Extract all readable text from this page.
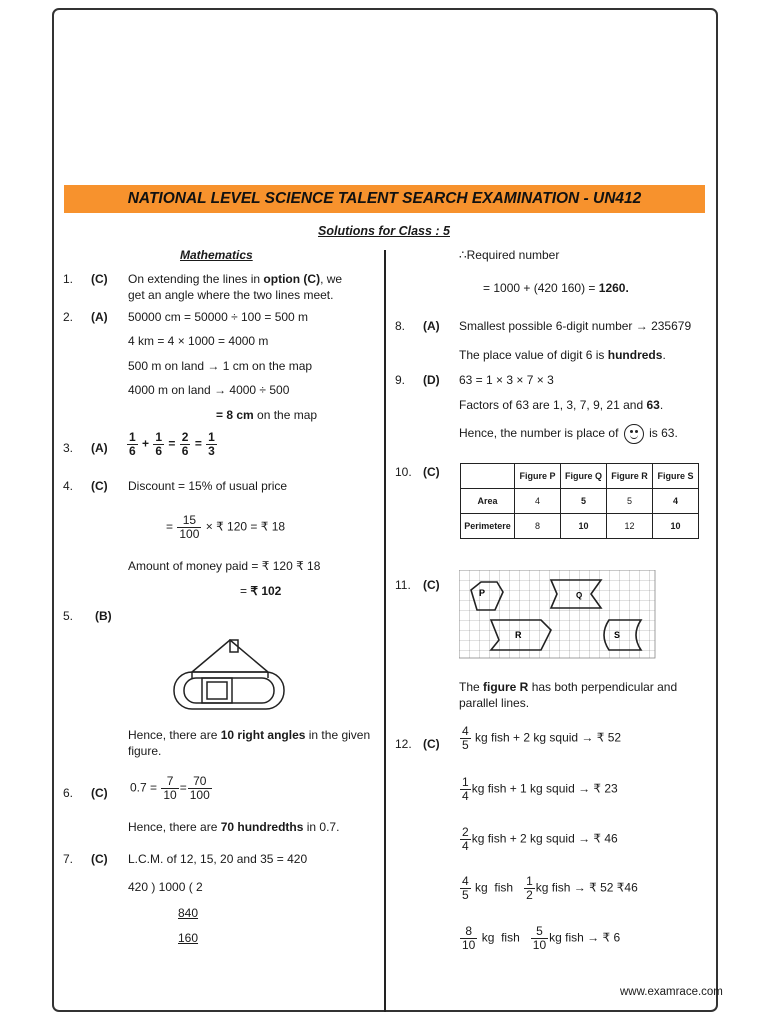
NATIONAL LEVEL SCIENCE TALENT SEARCH EXAMINATION - UN412
Solutions for Class : 5
Mathematics
1. (C) On extending the lines in option (C), we
get an angle where the two lines meet.
2. (A) 50000 cm = 50000 ÷ 100 = 500 m
4 km = 4 × 1000 = 4000 m
500 m on land → 1 cm on the map
4000 m on land → 4000 ÷ 500
= 8 cm on the map
3. $(A) \frac{1}{6} + \frac{1}{6} = \frac{2}{6} = \frac{1}{3}$
4. (C) Discount = 15% of usual price
= $\frac{15}{100}$ × ₹ 120 = ₹ 18
Amount of money paid = ₹ 120 ₹ 18
= ₹ 102
5. (B)
Hence, there are 10 right angles in the given
figure.
6. (C) $0.7 = \frac{7}{10} = \frac{70}{100}$
Hence, there are 70 hundredths in 0.7.
7. (C) L.C.M. of 12, 15, 20 and 35 = 420
420 ) 1000 ( 2
840
160
∴Required number
= 1000 + (420 160) = 1260.
8. (A) Smallest possible 6-digit number → 235679
The place value of digit 6 is hundreds.
9. (D) 63 = 1 × 3 × 7 × 3
Factors of 63 are 1, 3, 7, 9, 21 and 63.
Hence, the number is place of
is 63.
10. (C)
		Figure P	Figure Q	Figure R	Figure S
Area	4	5	5	4
Perimetere	8	10	12	10
11. (C)
P	Q
R	S
The figure R has both perpendicular and
parallel lines.
12. $(C) \frac{4}{5}$ kg fish + 2 kg squid → ₹ 52
$\frac{1}{4}$ kg fish + 1 kg squid → ₹ 23
$\frac{2}{4}$ kg fish + 2 kg squid → ₹ 46
$\frac{4}{5}$ kg fish $\frac{1}{2}$ kg fish → ₹ 52 ₹46
$\frac{8}{10}$ kg fish $\frac{5}{10}$ kg fish → ₹ 6
www.examrace.com
